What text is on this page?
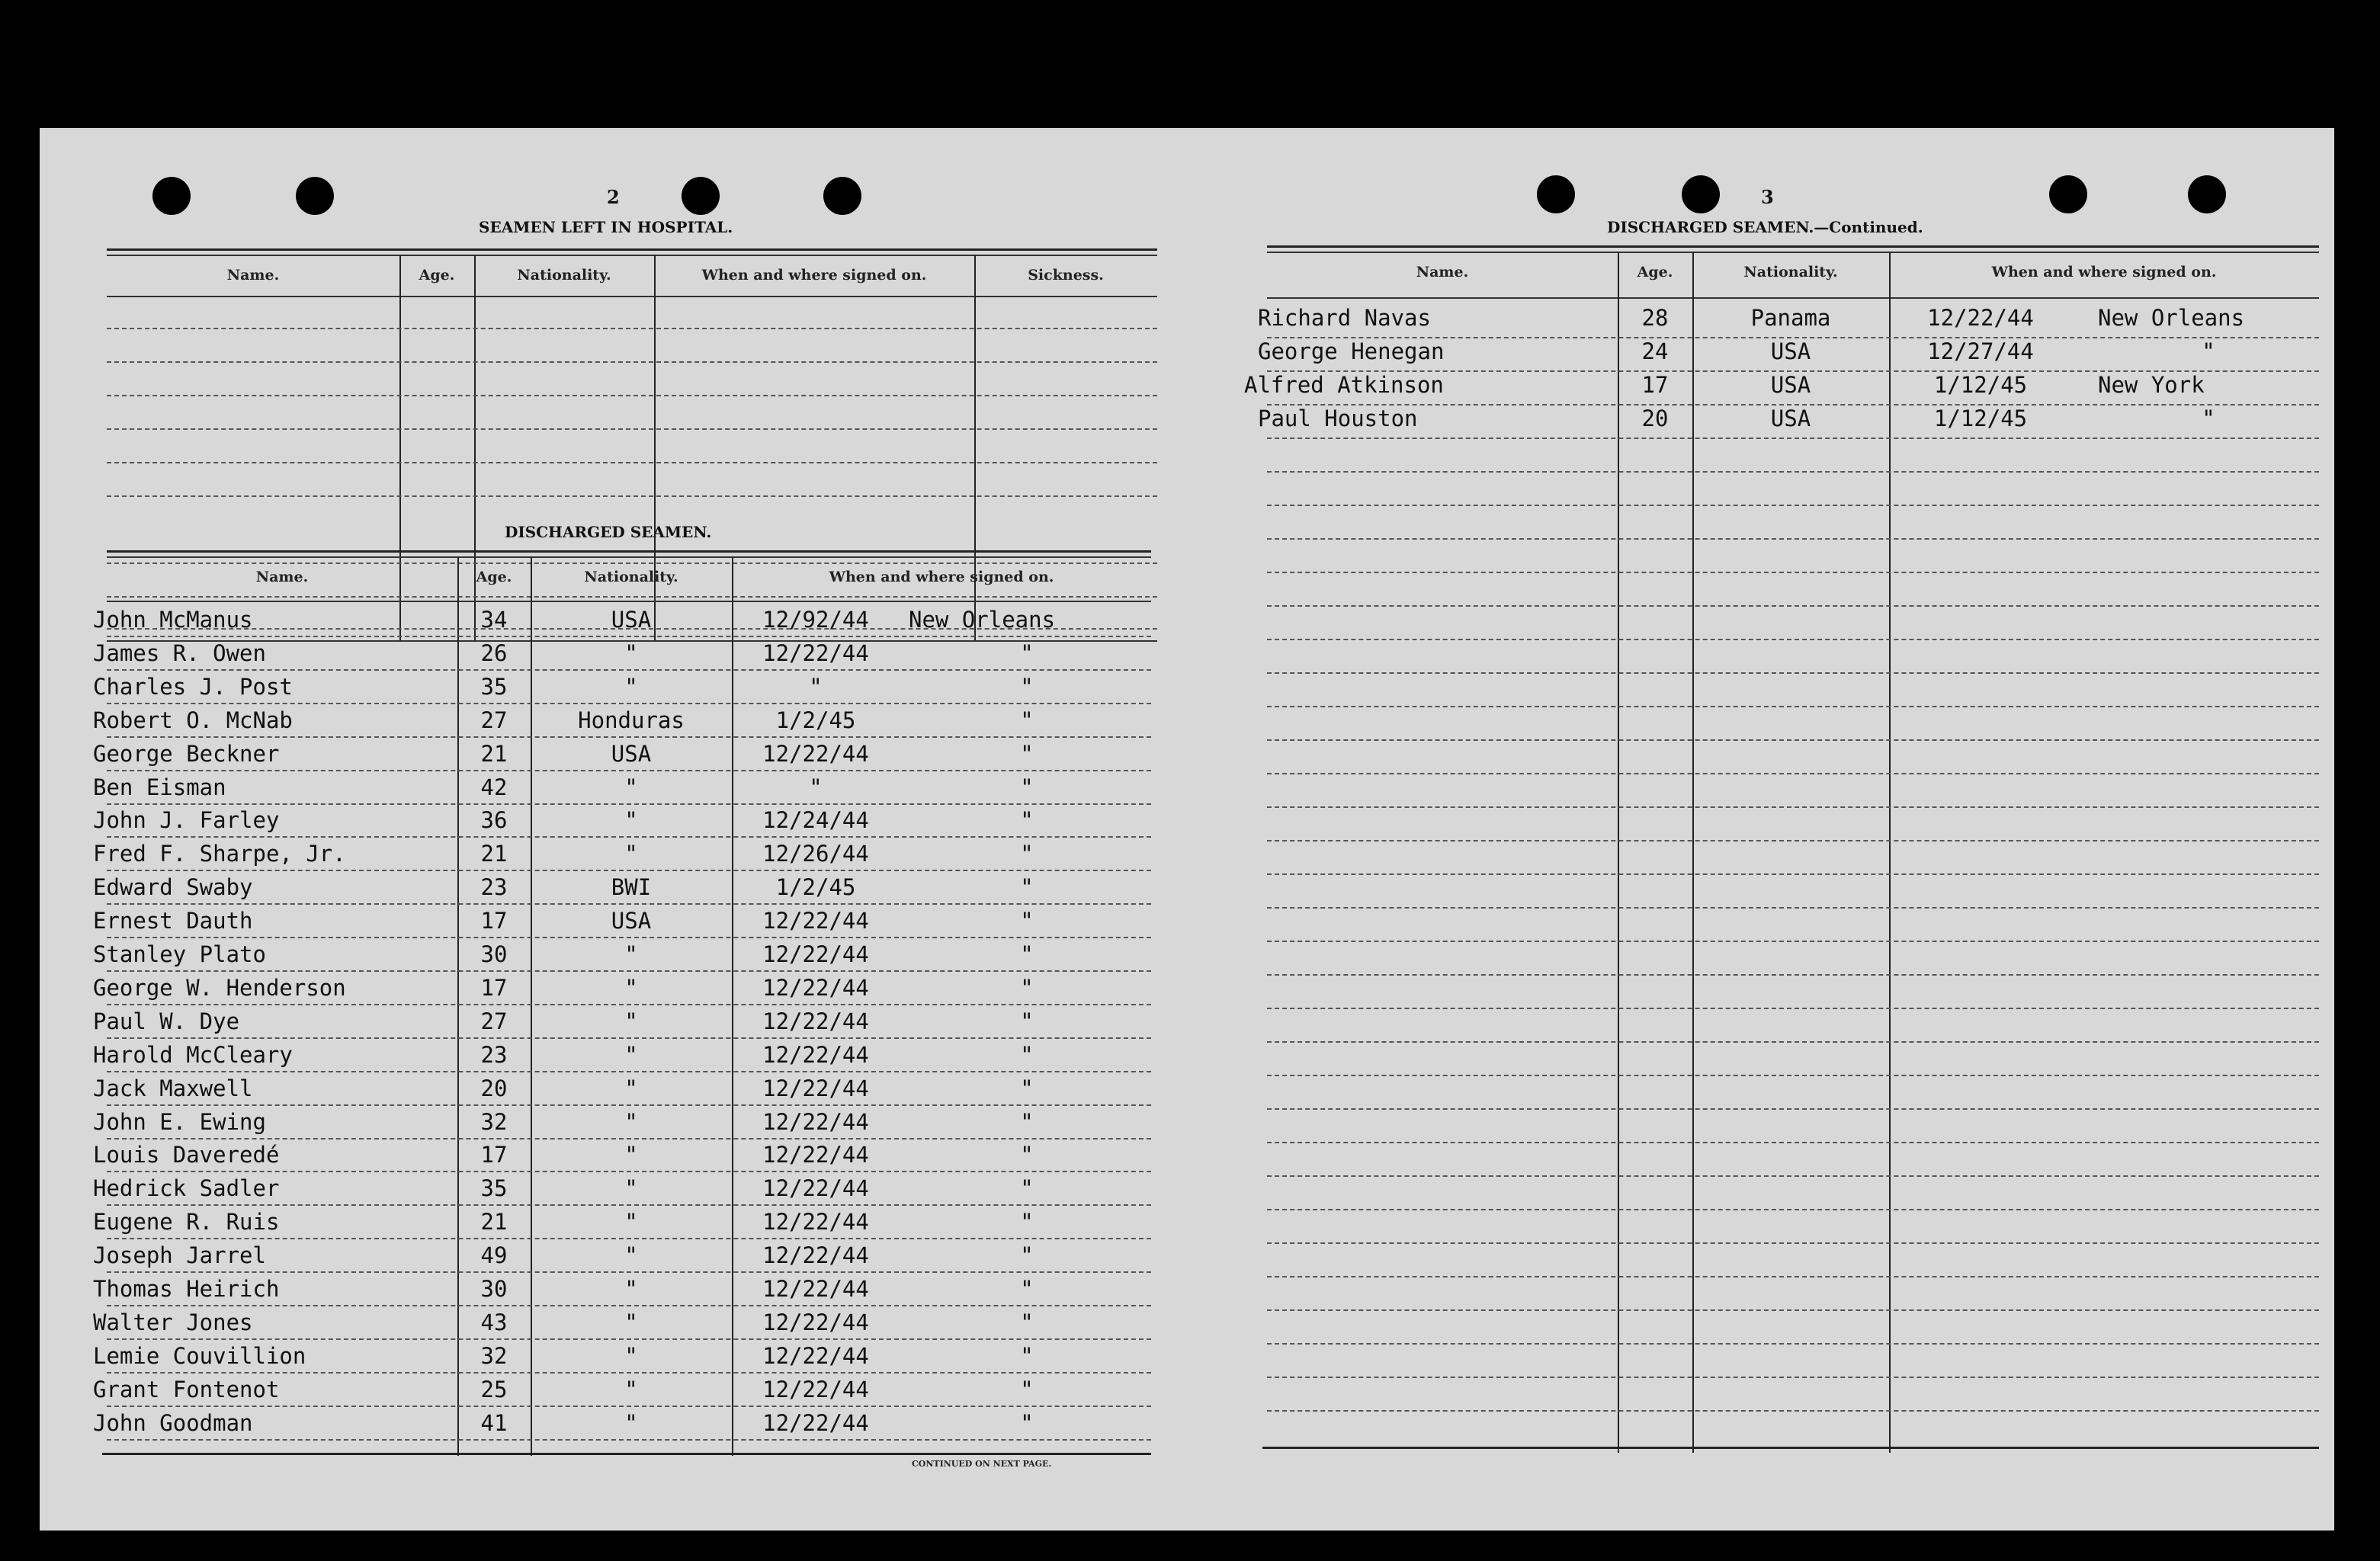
2
SEAMEN LEFT IN HOSPITAL.
Name.	Age.	Nationality.	When and where signed on.	Sickness.
DISCHARGED SEAMEN.
Name.	Age.	Nationality.	When and where signed on.
John McManus	34	USA	12/92/44	New Orleans
James R. Owen	26	"	12/22/44	"
Charles J. Post	35	"	"	"
Robert O. McNab	27	Honduras	1/2/45	"
George Beckner	21	USA	12/22/44	"
Ben Eisman	42	"	"	"
John J. Farley	36	"	12/24/44	"
Fred F. Sharpe, Jr.	21	"	12/26/44	"
Edward Swaby	23	BWI	1/2/45	"
Ernest Dauth	17	USA	12/22/44	"
Stanley Plato	30	"	12/22/44	"
George W. Henderson	17	"	12/22/44	"
Paul W. Dye	27	"	12/22/44	"
Harold McCleary	23	"	12/22/44	"
Jack Maxwell	20	"	12/22/44	"
John E. Ewing	32	"	12/22/44	"
Louis Daveredé	17	"	12/22/44	"
Hedrick Sadler	35	"	12/22/44	"
Eugene R. Ruis	21	"	12/22/44	"
Joseph Jarrel	49	"	12/22/44	"
Thomas Heirich	30	"	12/22/44	"
Walter Jones	43	"	12/22/44	"
Lemie Couvillion	32	"	12/22/44	"
Grant Fontenot	25	"	12/22/44	"
John Goodman	41	"	12/22/44	"
CONTINUED ON NEXT PAGE.
3
DISCHARGED SEAMEN.—Continued.
Name.	Age.	Nationality.	When and where signed on.
Richard Navas	28	Panama	12/22/44	New Orleans
George Henegan	24	USA	12/27/44	"
Alfred Atkinson	17	USA	1/12/45	New York
Paul Houston	20	USA	1/12/45	"
